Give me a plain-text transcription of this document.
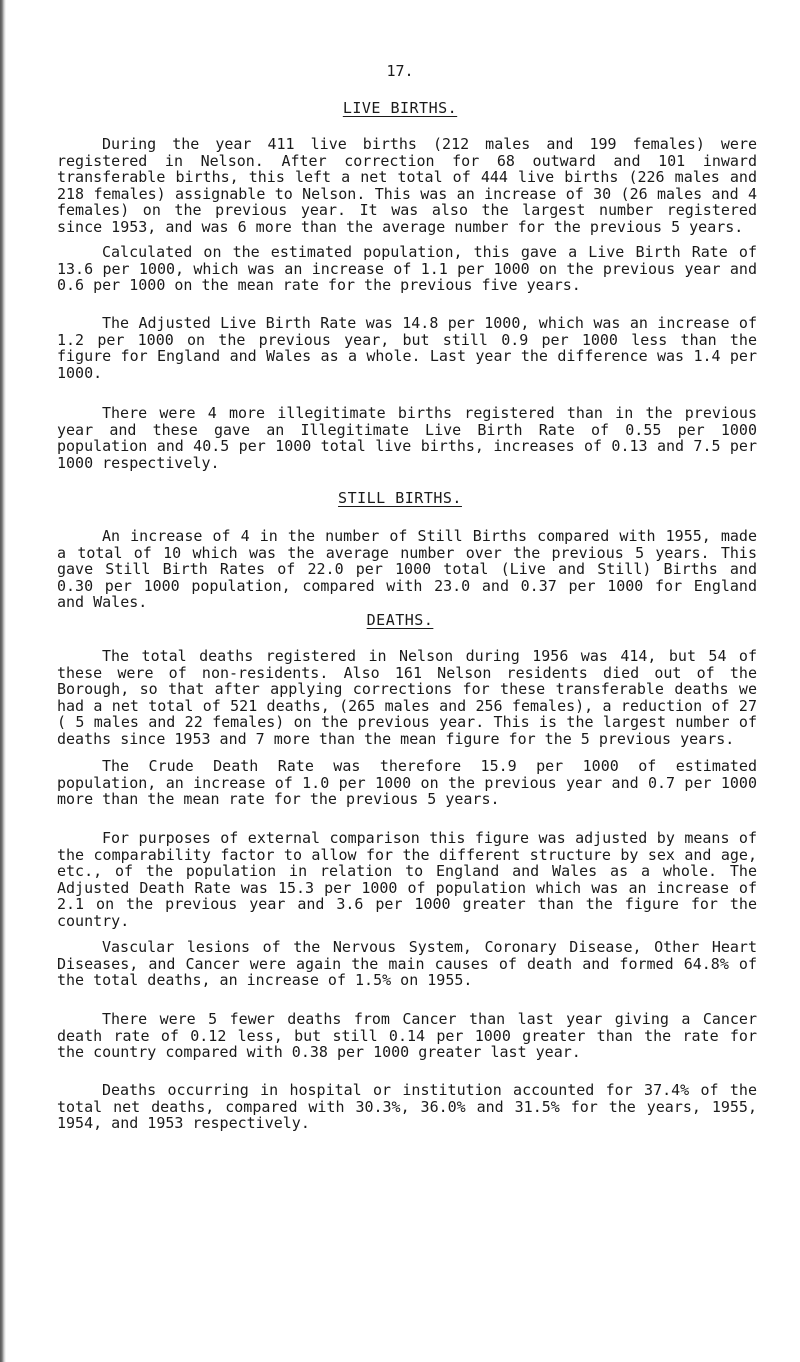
17.
LIVE BIRTHS.

During the year 411 live births (212 males and 199 females) were registered in Nelson. After correction for 68 outward and 101 inward transferable births, this left a net total of 444 live births (226 males and 218 females) assignable to Nelson. This was an increase of 30 (26 males and 4 females) on the previous year. It was also the largest number registered since 1953, and was 6 more than the average number for the previous 5 years.

Calculated on the estimated population, this gave a Live Birth Rate of 13.6 per 1000, which was an increase of 1.1 per 1000 on the previous year and 0.6 per 1000 on the mean rate for the previous five years.

The Adjusted Live Birth Rate was 14.8 per 1000, which was an increase of 1.2 per 1000 on the previous year, but still 0.9 per 1000 less than the figure for England and Wales as a whole. Last year the difference was 1.4 per 1000.

There were 4 more illegitimate births registered than in the previous year and these gave an Illegitimate Live Birth Rate of 0.55 per 1000 population and 40.5 per 1000 total live births, increases of 0.13 and 7.5 per 1000 respectively.

STILL BIRTHS.

An increase of 4 in the number of Still Births compared with 1955, made a total of 10 which was the average number over the previous 5 years. This gave Still Birth Rates of 22.0 per 1000 total (Live and Still) Births and 0.30 per 1000 population, compared with 23.0 and 0.37 per 1000 for England and Wales.

DEATHS.

The total deaths registered in Nelson during 1956 was 414, but 54 of these were of non-residents. Also 161 Nelson residents died out of the Borough, so that after applying corrections for these transferable deaths we had a net total of 521 deaths, (265 males and 256 females), a reduction of 27 ( 5 males and 22 females) on the previous year. This is the largest number of deaths since 1953 and 7 more than the mean figure for the 5 previous years.

The Crude Death Rate was therefore 15.9 per 1000 of estimated population, an increase of 1.0 per 1000 on the previous year and 0.7 per 1000 more than the mean rate for the previous 5 years.

For purposes of external comparison this figure was adjusted by means of the comparability factor to allow for the different structure by sex and age, etc., of the population in relation to England and Wales as a whole. The Adjusted Death Rate was 15.3 per 1000 of population which was an increase of 2.1 on the previous year and 3.6 per 1000 greater than the figure for the country.

Vascular lesions of the Nervous System, Coronary Disease, Other Heart Diseases, and Cancer were again the main causes of death and formed 64.8% of the total deaths, an increase of 1.5% on 1955.

There were 5 fewer deaths from Cancer than last year giving a Cancer death rate of 0.12 less, but still 0.14 per 1000 greater than the rate for the country compared with 0.38 per 1000 greater last year.

Deaths occurring in hospital or institution accounted for 37.4% of the total net deaths, compared with 30.3%, 36.0% and 31.5% for the years, 1955, 1954, and 1953 respectively.
